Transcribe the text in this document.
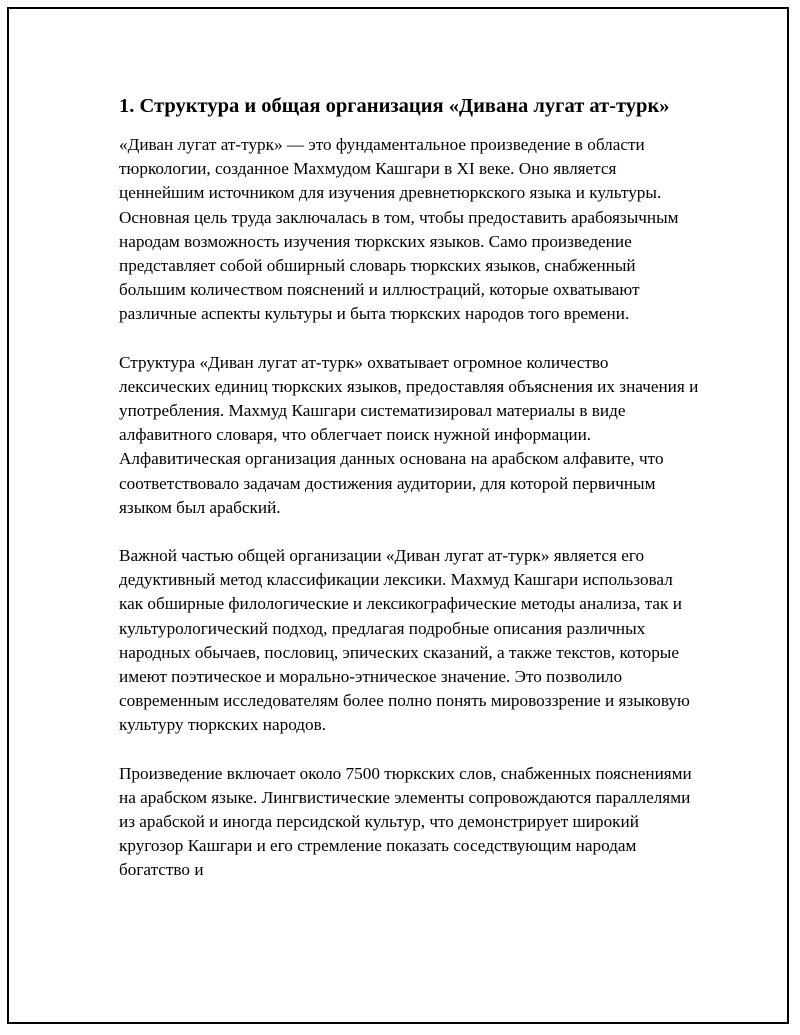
1. Структура и общая организация «Дивана лугат ат-турк»

«Диван лугат ат-турк» — это фундаментальное произведение в области тюркологии, созданное Махмудом Кашгари в XI веке. Оно является ценнейшим источником для изучения древнетюркского языка и культуры. Основная цель труда заключалась в том, чтобы предоставить арабоязычным народам возможность изучения тюркских языков. Само произведение представляет собой обширный словарь тюркских языков, снабженный большим количеством пояснений и иллюстраций, которые охватывают различные аспекты культуры и быта тюркских народов того времени.

Структура «Диван лугат ат-турк» охватывает огромное количество лексических единиц тюркских языков, предоставляя объяснения их значения и употребления. Махмуд Кашгари систематизировал материалы в виде алфавитного словаря, что облегчает поиск нужной информации. Алфавитическая организация данных основана на арабском алфавите, что соответствовало задачам достижения аудитории, для которой первичным языком был арабский.

Важной частью общей организации «Диван лугат ат-турк» является его дедуктивный метод классификации лексики. Махмуд Кашгари использовал как обширные филологические и лексикографические методы анализа, так и культурологический подход, предлагая подробные описания различных народных обычаев, пословиц, эпических сказаний, а также текстов, которые имеют поэтическое и морально-этническое значение. Это позволило современным исследователям более полно понять мировоззрение и языковую культуру тюркских народов.

Произведение включает около 7500 тюркских слов, снабженных пояснениями на арабском языке. Лингвистические элементы сопровождаются параллелями из арабской и иногда персидской культур, что демонстрирует широкий кругозор Кашгари и его стремление показать соседствующим народам богатство и
